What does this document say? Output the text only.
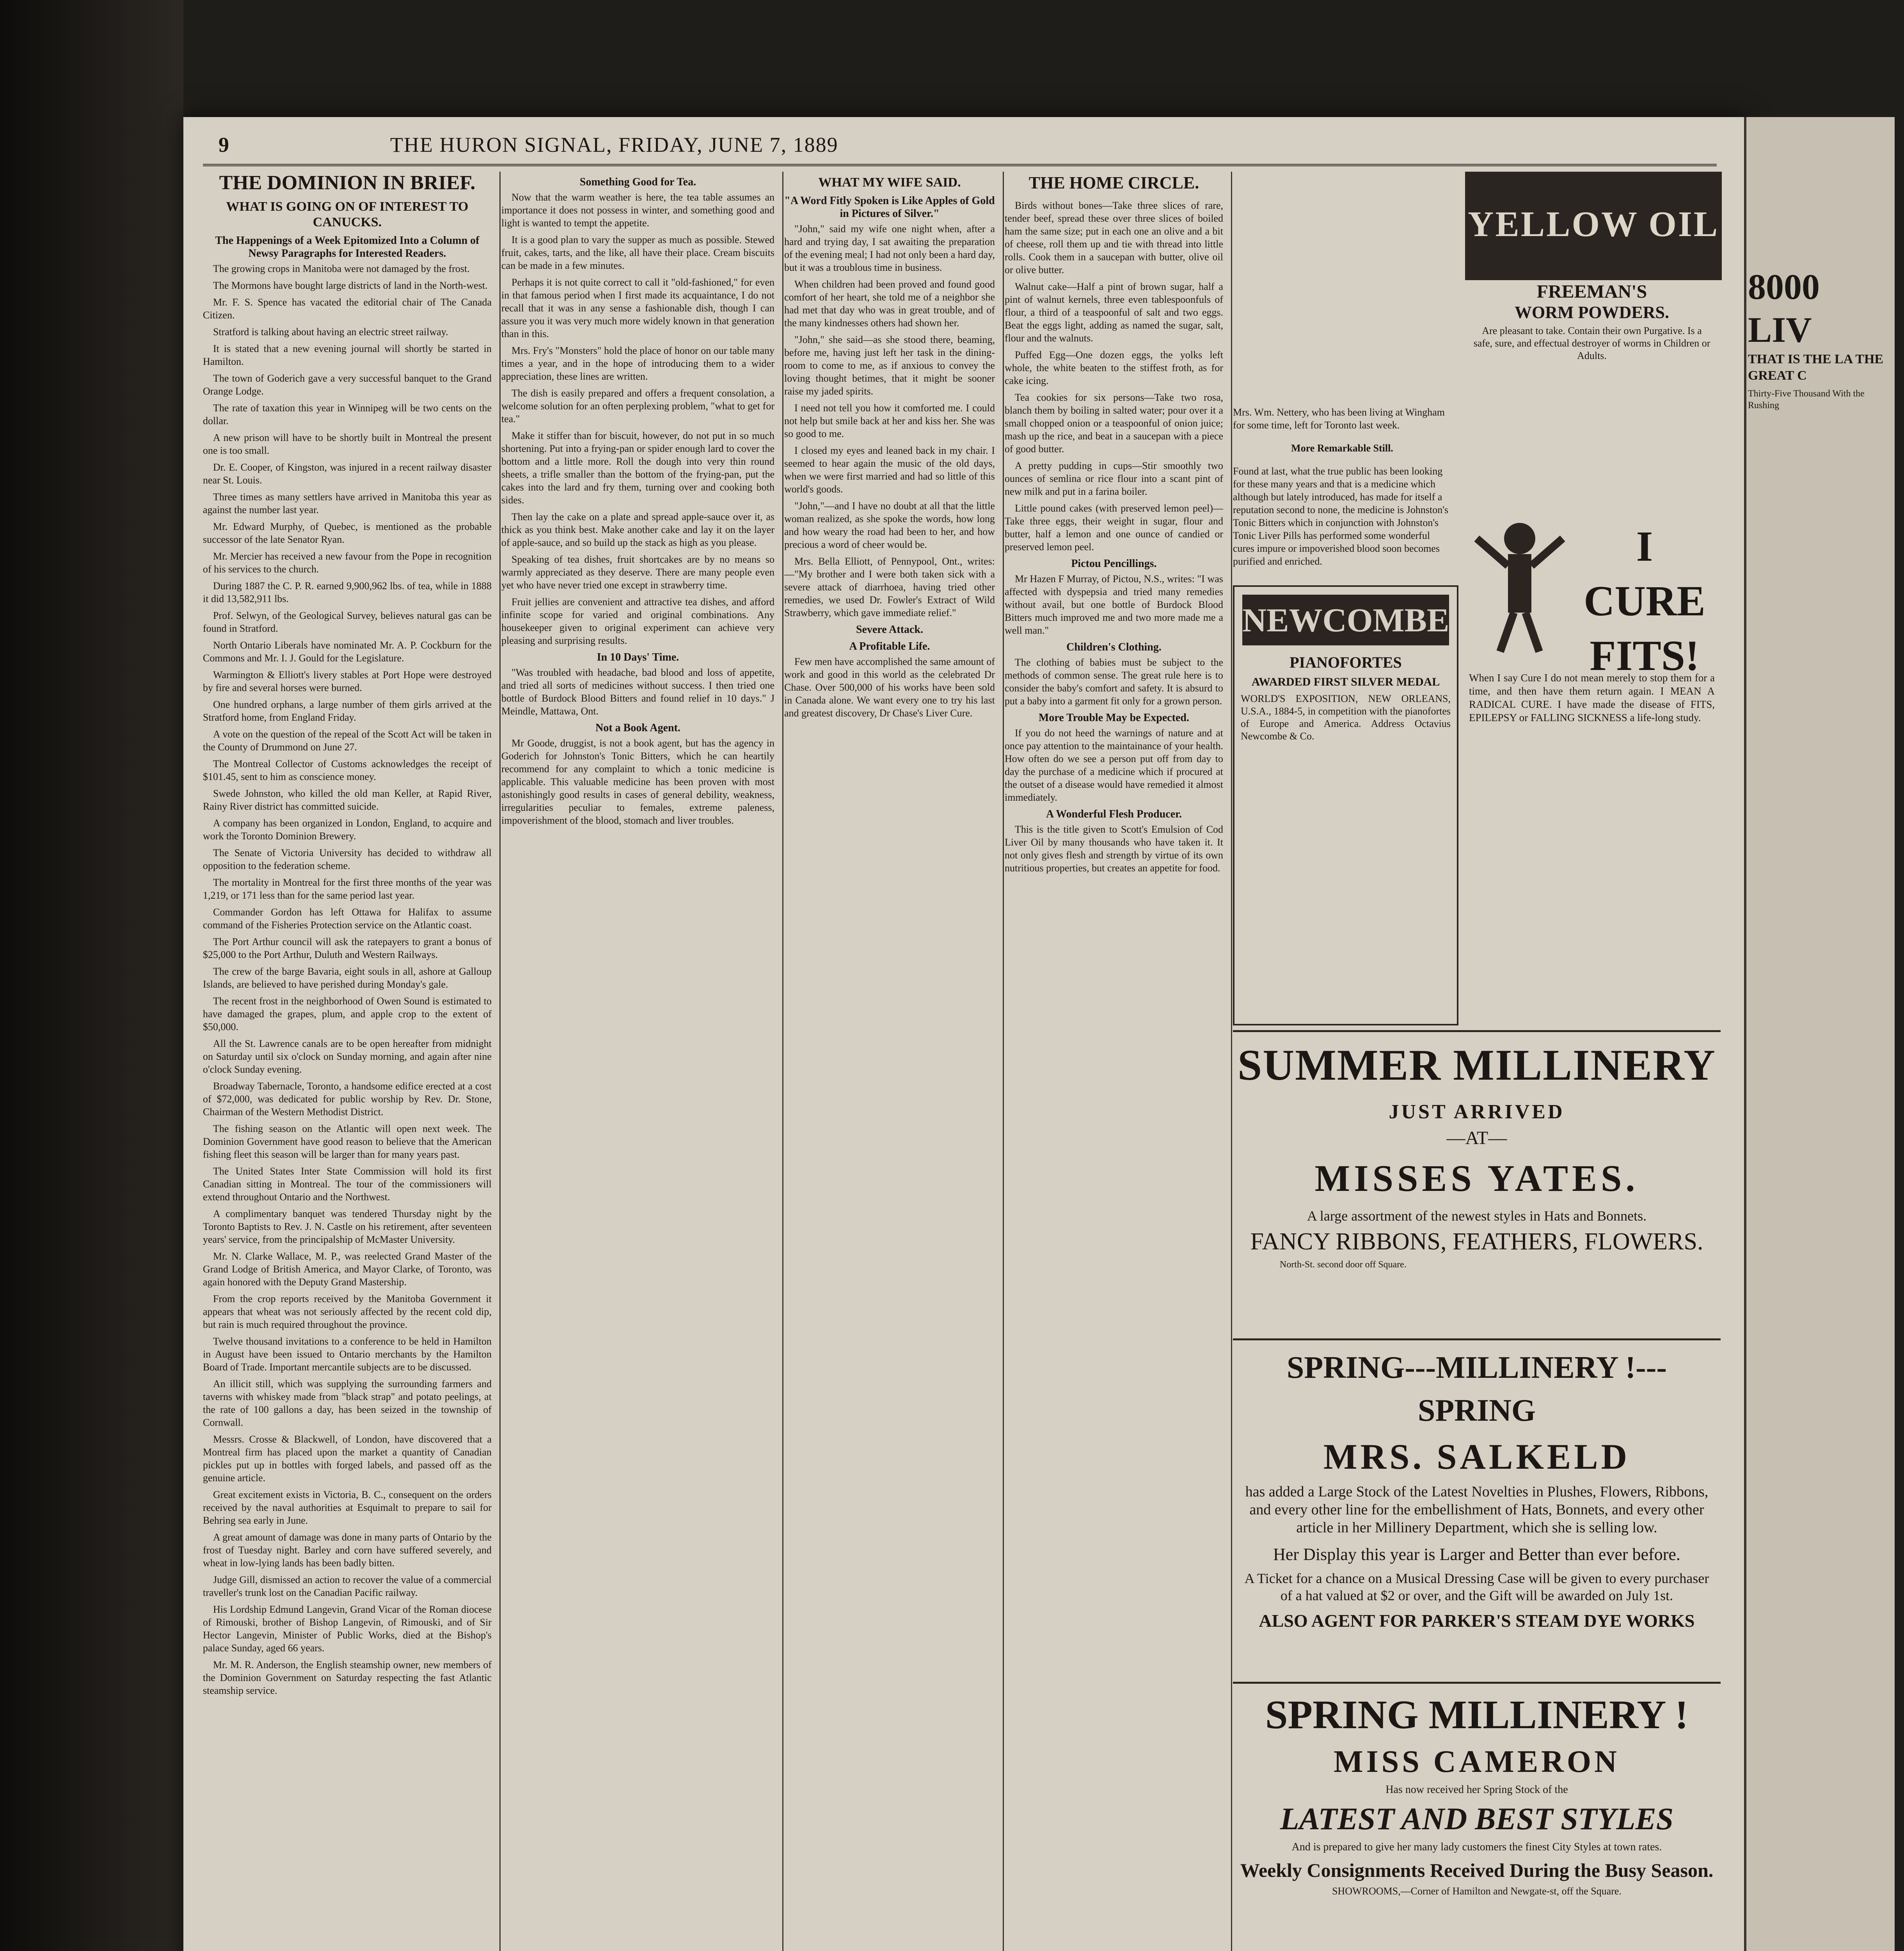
9	THE HURON SIGNAL, FRIDAY, JUNE 7, 1889
THE DOMINION IN BRIEF.
WHAT IS GOING ON OF INTEREST TO CANUCKS.
The Happenings of a Week Epitomized Into a Column of Newsy Paragraphs for Interested Readers.

The growing crops in Manitoba were not damaged by the frost.

The Mormons have bought large districts of land in the North-west.

Mr. F. S. Spence has vacated the editorial chair of The Canada Citizen.

Stratford is talking about having an electric street railway.

It is stated that a new evening journal will shortly be started in Hamilton.

The town of Goderich gave a very successful banquet to the Grand Orange Lodge.

The rate of taxation this year in Winnipeg will be two cents on the dollar.

A new prison will have to be shortly built in Montreal the present one is too small.

Dr. E. Cooper, of Kingston, was injured in a recent railway disaster near St. Louis.

Three times as many settlers have arrived in Manitoba this year as against the number last year.

Mr. Edward Murphy, of Quebec, is mentioned as the probable successor of the late Senator Ryan.

Mr. Mercier has received a new favour from the Pope in recognition of his services to the church.

During 1887 the C. P. R. earned 9,900,962 lbs. of tea, while in 1888 it did 13,582,911 lbs.

Prof. Selwyn, of the Geological Survey, believes natural gas can be found in Stratford.

North Ontario Liberals have nominated Mr. A. P. Cockburn for the Commons and Mr. I. J. Gould for the Legislature.

Warmington & Elliott's livery stables at Port Hope were destroyed by fire and several horses were burned.

One hundred orphans, a large number of them girls arrived at the Stratford home, from England Friday.

A vote on the question of the repeal of the Scott Act will be taken in the County of Drummond on June 27.

The Montreal Collector of Customs acknowledges the receipt of $101.45, sent to him as conscience money.

Swede Johnston, who killed the old man Keller, at Rapid River, Rainy River district has committed suicide.

A company has been organized in London, England, to acquire and work the Toronto Dominion Brewery.

The Senate of Victoria University has decided to withdraw all opposition to the federation scheme.

The mortality in Montreal for the first three months of the year was 1,219, or 171 less than for the same period last year.

Commander Gordon has left Ottawa for Halifax to assume command of the Fisheries Protection service on the Atlantic coast.

The Port Arthur council will ask the ratepayers to grant a bonus of $25,000 to the Port Arthur, Duluth and Western Railways.

The crew of the barge Bavaria, eight souls in all, ashore at Galloup Islands, are believed to have perished during Monday's gale.

The recent frost in the neighborhood of Owen Sound is estimated to have damaged the grapes, plum, and apple crop to the extent of $50,000.

All the St. Lawrence canals are to be open hereafter from midnight on Saturday until six o'clock on Sunday morning, and again after nine o'clock Sunday evening.

Broadway Tabernacle, Toronto, a handsome edifice erected at a cost of $72,000, was dedicated for public worship by Rev. Dr. Stone, Chairman of the Western Methodist District.

The fishing season on the Atlantic will open next week. The Dominion Government have good reason to believe that the American fishing fleet this season will be larger than for many years past.

The United States Inter State Commission will hold its first Canadian sitting in Montreal. The tour of the commissioners will extend throughout Ontario and the Northwest.

A complimentary banquet was tendered Thursday night by the Toronto Baptists to Rev. J. N. Castle on his retirement, after seventeen years' service, from the principalship of McMaster University.

Mr. N. Clarke Wallace, M. P., was reelected Grand Master of the Grand Lodge of British America, and Mayor Clarke, of Toronto, was again honored with the Deputy Grand Mastership.

From the crop reports received by the Manitoba Government it appears that wheat was not seriously affected by the recent cold dip, but rain is much required throughout the province.

Twelve thousand invitations to a conference to be held in Hamilton in August have been issued to Ontario merchants by the Hamilton Board of Trade. Important mercantile subjects are to be discussed.

An illicit still, which was supplying the surrounding farmers and taverns with whiskey made from "black strap" and potato peelings, at the rate of 100 gallons a day, has been seized in the township of Cornwall.

Messrs. Crosse & Blackwell, of London, have discovered that a Montreal firm has placed upon the market a quantity of Canadian pickles put up in bottles with forged labels, and passed off as the genuine article.

Great excitement exists in Victoria, B. C., consequent on the orders received by the naval authorities at Esquimalt to prepare to sail for Behring sea early in June.

A great amount of damage was done in many parts of Ontario by the frost of Tuesday night. Barley and corn have suffered severely, and wheat in low-lying lands has been badly bitten.

Judge Gill, dismissed an action to recover the value of a commercial traveller's trunk lost on the Canadian Pacific railway.

His Lordship Edmund Langevin, Grand Vicar of the Roman diocese of Rimouski, brother of Bishop Langevin, of Rimouski, and of Sir Hector Langevin, Minister of Public Works, died at the Bishop's palace Sunday, aged 66 years.

Mr. M. R. Anderson, the English steamship owner, new members of the Dominion Government on Saturday respecting the fast Atlantic steamship service.

Something Good for Tea.

Now that the warm weather is here, the tea table assumes an importance it does not possess in winter, and something good and light is wanted to tempt the appetite.

It is a good plan to vary the supper as much as possible. Stewed fruit, cakes, tarts, and the like, all have their place. Cream biscuits can be made in a few minutes.

Perhaps it is not quite correct to call it "old-fashioned," for even in that famous period when I first made its acquaintance, I do not recall that it was in any sense a fashionable dish, though I can assure you it was very much more widely known in that generation than in this.

Mrs. Fry's "Monsters" hold the place of honor on our table many times a year, and in the hope of introducing them to a wider appreciation, these lines are written.

The dish is easily prepared and offers a frequent consolation, a welcome solution for an often perplexing problem, "what to get for tea."

Make it stiffer than for biscuit, however, do not put in so much shortening. Put into a frying-pan or spider enough lard to cover the bottom and a little more. Roll the dough into very thin round sheets, a trifle smaller than the bottom of the frying-pan, put the cakes into the lard and fry them, turning over and cooking both sides.

Then lay the cake on a plate and spread apple-sauce over it, as thick as you think best. Make another cake and lay it on the layer of apple-sauce, and so build up the stack as high as you please.

Speaking of tea dishes, fruit shortcakes are by no means so warmly appreciated as they deserve. There are many people even yet who have never tried one except in strawberry time.

Fruit jellies are convenient and attractive tea dishes, and afford infinite scope for varied and original combinations. Any housekeeper given to original experiment can achieve very pleasing and surprising results.

In 10 Days' Time.

"Was troubled with headache, bad blood and loss of appetite, and tried all sorts of medicines without success. I then tried one bottle of Burdock Blood Bitters and found relief in 10 days." J Meindle, Mattawa, Ont.

Not a Book Agent.

Mr Goode, druggist, is not a book agent, but has the agency in Goderich for Johnston's Tonic Bitters, which he can heartily recommend for any complaint to which a tonic medicine is applicable. This valuable medicine has been proven with most astonishingly good results in cases of general debility, weakness, irregularities peculiar to females, extreme paleness, impoverishment of the blood, stomach and liver troubles.

WHAT MY WIFE SAID.
"A Word Fitly Spoken is Like Apples of Gold in Pictures of Silver."

"John," said my wife one night when, after a hard and trying day, I sat awaiting the preparation of the evening meal; I had not only been a hard day, but it was a troublous time in business.

When children had been proved and found good comfort of her heart, she told me of a neighbor she had met that day who was in great trouble, and of the many kindnesses others had shown her.

"John," she said—as she stood there, beaming, before me, having just left her task in the dining-room to come to me, as if anxious to convey the loving thought betimes, that it might be sooner raise my jaded spirits.

I need not tell you how it comforted me. I could not help but smile back at her and kiss her. She was so good to me.

I closed my eyes and leaned back in my chair. I seemed to hear again the music of the old days, when we were first married and had so little of this world's goods.

"John,"—and I have no doubt at all that the little woman realized, as she spoke the words, how long and how weary the road had been to her, and how precious a word of cheer would be.

Mrs. Bella Elliott, of Pennypool, Ont., writes:—"My brother and I were both taken sick with a severe attack of diarrhoea, having tried other remedies, we used Dr. Fowler's Extract of Wild Strawberry, which gave immediate relief."

Severe Attack.
A Profitable Life.

Few men have accomplished the same amount of work and good in this world as the celebrated Dr Chase. Over 500,000 of his works have been sold in Canada alone. We want every one to try his last and greatest discovery, Dr Chase's Liver Cure.

THE HOME CIRCLE.

Birds without bones—Take three slices of rare, tender beef, spread these over three slices of boiled ham the same size; put in each one an olive and a bit of cheese, roll them up and tie with thread into little rolls. Cook them in a saucepan with butter, olive oil or olive butter.

Walnut cake—Half a pint of brown sugar, half a pint of walnut kernels, three even tablespoonfuls of flour, a third of a teaspoonful of salt and two eggs. Beat the eggs light, adding as named the sugar, salt, flour and the walnuts.

Puffed Egg—One dozen eggs, the yolks left whole, the white beaten to the stiffest froth, as for cake icing.

Tea cookies for six persons—Take two rosa, blanch them by boiling in salted water; pour over it a small chopped onion or a teaspoonful of onion juice; mash up the rice, and beat in a saucepan with a piece of good butter.

A pretty pudding in cups—Stir smoothly two ounces of semlina or rice flour into a scant pint of new milk and put in a farina boiler.

Little pound cakes (with preserved lemon peel)—Take three eggs, their weight in sugar, flour and butter, half a lemon and one ounce of candied or preserved lemon peel.

Pictou Pencillings.

Mr Hazen F Murray, of Pictou, N.S., writes: "I was affected with dyspepsia and tried many remedies without avail, but one bottle of Burdock Blood Bitters much improved me and two more made me a well man."

Children's Clothing.

The clothing of babies must be subject to the methods of common sense. The great rule here is to consider the baby's comfort and safety. It is absurd to put a baby into a garment fit only for a grown person.

More Trouble May be Expected.

If you do not heed the warnings of nature and at once pay attention to the maintainance of your health. How often do we see a person put off from day to day the purchase of a medicine which if procured at the outset of a disease would have remedied it almost immediately.

A Wonderful Flesh Producer.

This is the title given to Scott's Emulsion of Cod Liver Oil by many thousands who have taken it. It not only gives flesh and strength by virtue of its own nutritious properties, but creates an appetite for food.

Mrs. Wm. Nettery, who has been living at Wingham for some time, left for Toronto last week.

More Remarkable Still.

Found at last, what the true public has been looking for these many years and that is a medicine which although but lately introduced, has made for itself a reputation second to none, the medicine is Johnston's Tonic Bitters which in conjunction with Johnston's Tonic Liver Pills has performed some wonderful cures impure or impoverished blood soon becomes purified and enriched.

YELLOW OIL
FREEMAN'S
WORM POWDERS.
Are pleasant to take. Contain their own Purgative. Is a safe, sure, and effectual destroyer of worms in Children or Adults.
NEWCOMBE
PIANOFORTES
AWARDED FIRST SILVER MEDAL
WORLD'S EXPOSITION, NEW ORLEANS, U.S.A., 1884-5, in competition with the pianofortes of Europe and America. Address Octavius Newcombe & Co.
I CURE FITS!
When I say Cure I do not mean merely to stop them for a time, and then have them return again. I MEAN A RADICAL CURE. I have made the disease of FITS, EPILEPSY or FALLING SICKNESS a life-long study.
SUMMER MILLINERY
JUST ARRIVED
—AT—
MISSES YATES.
A large assortment of the newest styles in Hats and Bonnets.
FANCY RIBBONS, FEATHERS, FLOWERS.
North-St. second door off Square.
SPRING---MILLINERY !---SPRING
MRS. SALKELD
has added a Large Stock of the Latest Novelties in Plushes, Flowers, Ribbons, and every other line for the embellishment of Hats, Bonnets, and every other article in her Millinery Department, which she is selling low.
Her Display this year is Larger and Better than ever before.
A Ticket for a chance on a Musical Dressing Case will be given to every purchaser of a hat valued at $2 or over, and the Gift will be awarded on July 1st.
ALSO AGENT FOR PARKER'S STEAM DYE WORKS
SPRING MILLINERY !
MISS CAMERON
Has now received her Spring Stock of the
LATEST AND BEST STYLES
And is prepared to give her many lady customers the finest City Styles at town rates.
Weekly Consignments Received During the Busy Season.
SHOWROOMS,—Corner of Hamilton and Newgate-st, off the Square.
8000 LIV
THAT IS THE LA THE GREAT C
Thirty-Five Thousand With the Rushing
